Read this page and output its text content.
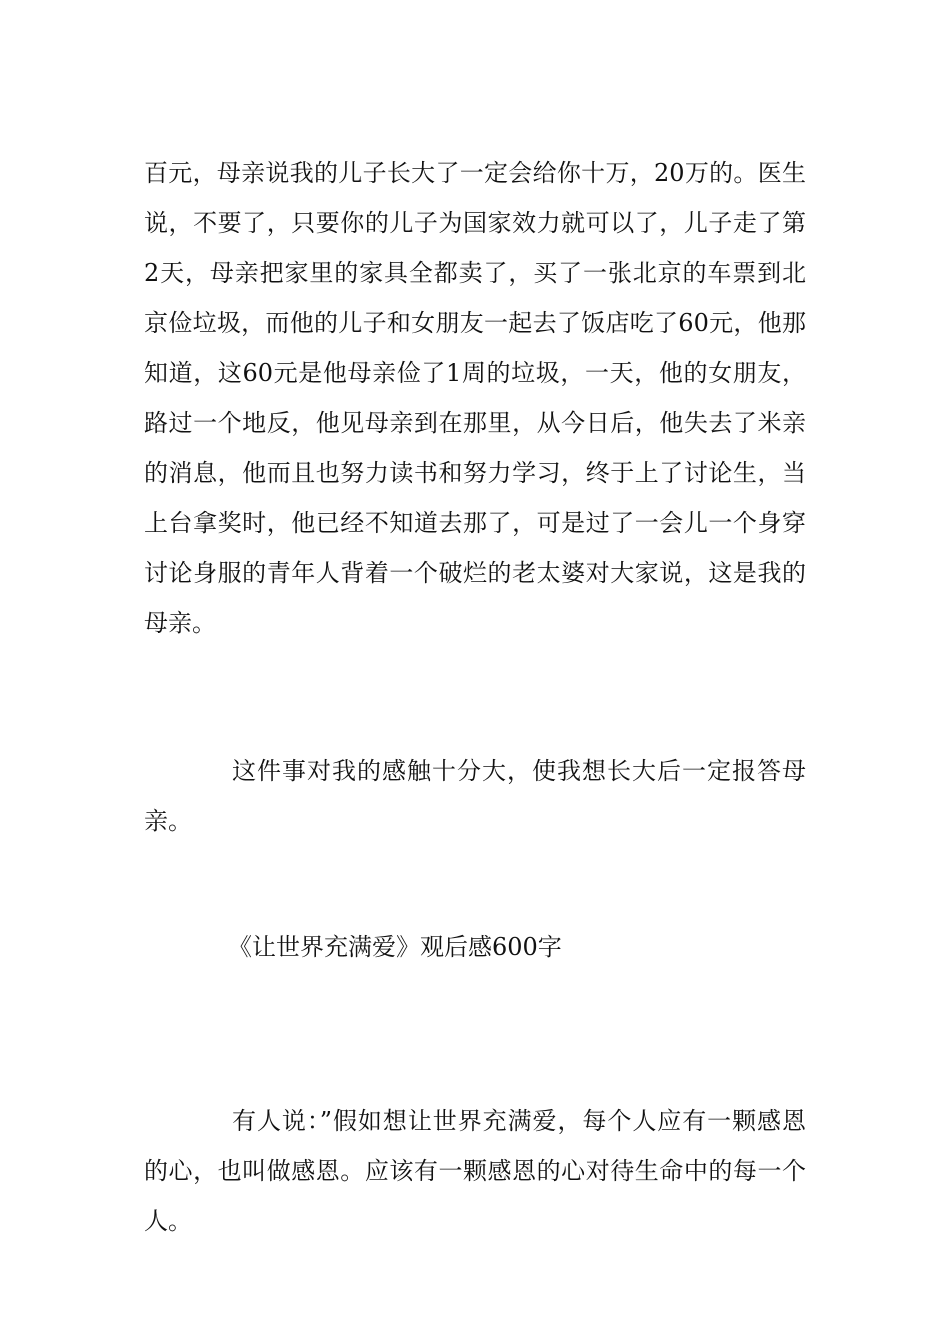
百元，母亲说我的儿子长大了一定会给你十万，20万的。医生说，不要了，只要你的儿子为国家效力就可以了，儿子走了第2天，母亲把家里的家具全都卖了，买了一张北京的车票到北京俭垃圾，而他的儿子和女朋友一起去了饭店吃了60元，他那知道，这60元是他母亲俭了1周的垃圾，一天，他的女朋友，路过一个地反，他见母亲到在那里，从今日后，他失去了米亲的消息，他而且也努力读书和努力学习，终于上了讨论生，当上台拿奖时，他已经不知道去那了，可是过了一会儿一个身穿讨论身服的青年人背着一个破烂的老太婆对大家说，这是我的母亲。

这件事对我的感触十分大，使我想长大后一定报答母亲。

《让世界充满爱》观后感600字

有人说：”假如想让世界充满爱，每个人应有一颗感恩的心，也叫做感恩。应该有一颗感恩的心对待生命中的每一个人。
